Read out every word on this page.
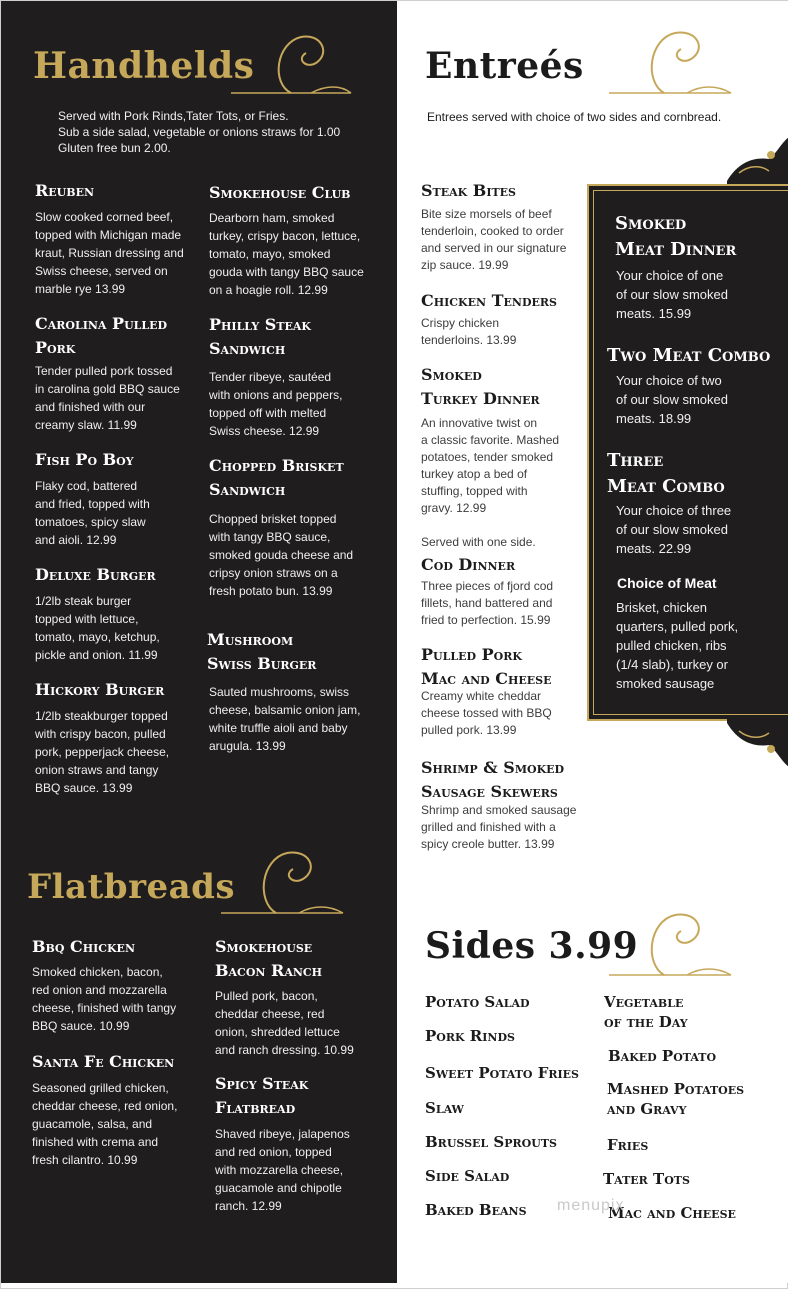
Handhelds
Served with Pork Rinds,Tater Tots, or Fries.
Sub a side salad, vegetable or onions straws for 1.00
Gluten free bun 2.00.
Reuben
Slow cooked corned beef,
topped with Michigan made
kraut, Russian dressing and
Swiss cheese, served on
marble rye 13.99
Carolina Pulled
Pork
Tender pulled pork tossed
in carolina gold BBQ sauce
and finished with our
creamy slaw. 11.99
Fish Po Boy
Flaky cod, battered
and fried, topped with
tomatoes, spicy slaw
and aioli. 12.99
Deluxe Burger
1/2lb steak burger
topped with lettuce,
tomato, mayo, ketchup,
pickle and onion. 11.99
Hickory Burger
1/2lb steakburger topped
with crispy bacon, pulled
pork, pepperjack cheese,
onion straws and tangy
BBQ sauce. 13.99
Smokehouse Club
Dearborn ham, smoked
turkey, crispy bacon, lettuce,
tomato, mayo, smoked
gouda with tangy BBQ sauce
on a hoagie roll. 12.99
Philly Steak
Sandwich
Tender ribeye, sautéed
with onions and peppers,
topped off with melted
Swiss cheese. 12.99
Chopped Brisket
Sandwich
Chopped brisket topped
with tangy BBQ sauce,
smoked gouda cheese and
cripsy onion straws on a
fresh potato bun. 13.99
Mushroom
Swiss Burger
Sauted mushrooms, swiss
cheese, balsamic onion jam,
white truffle aioli and baby
arugula. 13.99
Flatbreads
Bbq Chicken
Smoked chicken, bacon,
red onion and mozzarella
cheese, finished with tangy
BBQ sauce. 10.99
Santa Fe Chicken
Seasoned grilled chicken,
cheddar cheese, red onion,
guacamole, salsa, and
finished with crema and
fresh cilantro. 10.99
Smokehouse
Bacon Ranch
Pulled pork, bacon,
cheddar cheese, red
onion, shredded lettuce
and ranch dressing. 10.99
Spicy Steak
Flatbread
Shaved ribeye, jalapenos
and red onion, topped
with mozzarella cheese,
guacamole and chipotle
ranch. 12.99
Entreés
Entrees served with choice of two sides and cornbread.
Steak Bites
Bite size morsels of beef
tenderloin, cooked to order
and served in our signature
zip sauce. 19.99
Chicken Tenders
Crispy chicken
tenderloins. 13.99
Smoked
Turkey Dinner
An innovative twist on
a classic favorite. Mashed
potatoes, tender smoked
turkey atop a bed of
stuffing, topped with
gravy. 12.99

Served with one side.
Cod Dinner
Three pieces of fjord cod
fillets, hand battered and
fried to perfection. 15.99
Pulled Pork
Mac and Cheese
Creamy white cheddar
cheese tossed with BBQ
pulled pork. 13.99
Shrimp & Smoked
Sausage Skewers
Shrimp and smoked sausage
grilled and finished with a
spicy creole butter. 13.99
Smoked
Meat Dinner
Your choice of one
of our slow smoked
meats. 15.99
Two Meat Combo
Your choice of two
of our slow smoked
meats. 18.99
Three
Meat Combo
Your choice of three
of our slow smoked
meats. 22.99
Choice of Meat
Brisket, chicken
quarters, pulled pork,
pulled chicken, ribs
(1/4 slab), turkey or
smoked sausage
Sides 3.99
Potato Salad
Pork Rinds
Sweet Potato Fries
Slaw
Brussel Sprouts
Side Salad
Baked Beans
Vegetable
of the Day
Baked Potato
Mashed Potatoes
and Gravy
Fries
Tater Tots
Mac and Cheese
menupix
